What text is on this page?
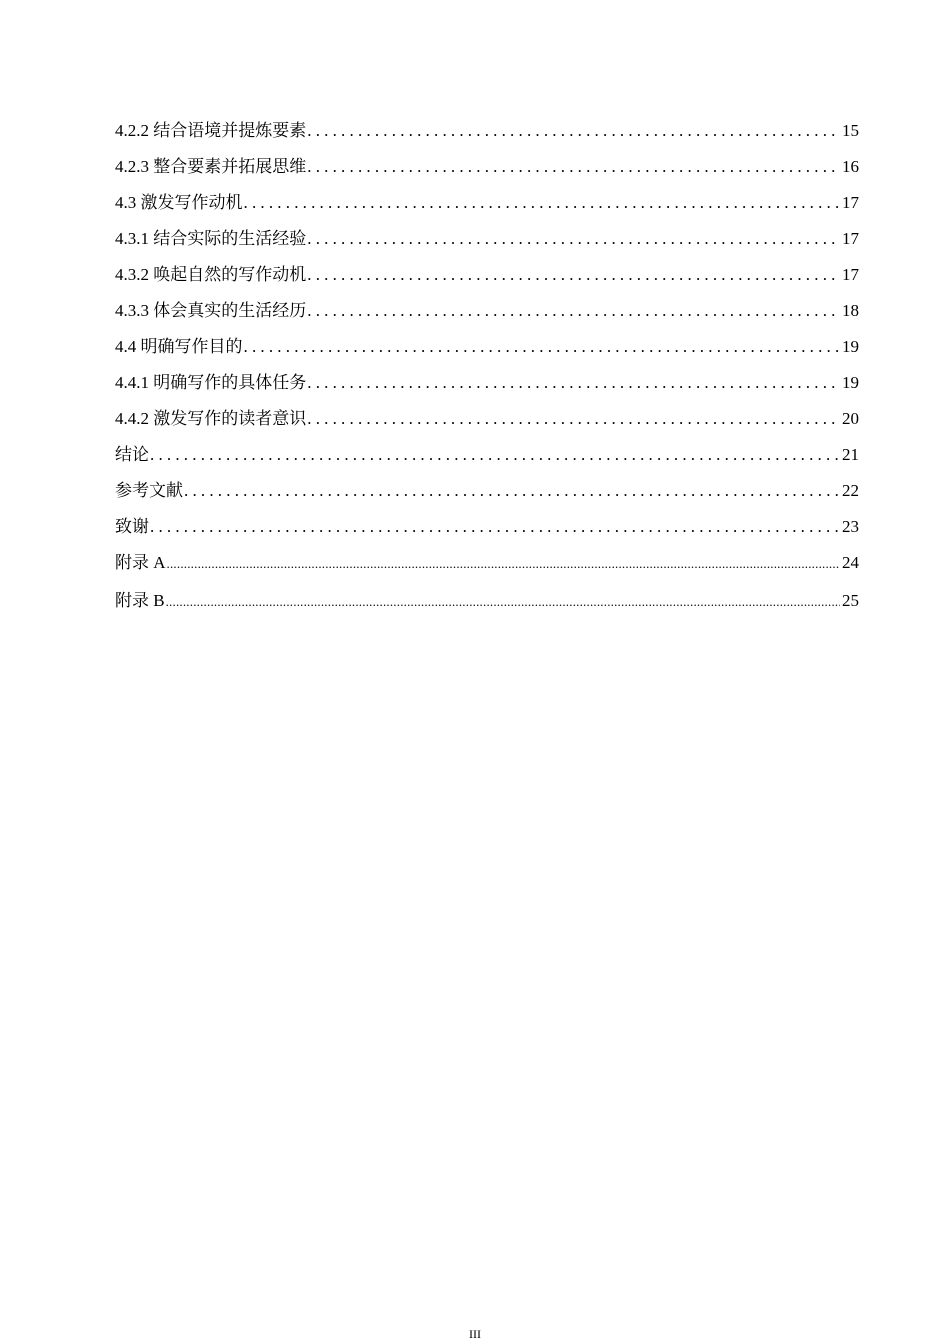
4.2.2 结合语境并提炼要素 .....	15
4.2.3 整合要素并拓展思维 .....	16
4.3 激发写作动机 .....	17
4.3.1 结合实际的生活经验 .....	17
4.3.2 唤起自然的写作动机 .....	17
4.3.3 体会真实的生活经历 .....	18
4.4 明确写作目的 .....	19
4.4.1 明确写作的具体任务 .....	19
4.4.2 激发写作的读者意识 .....	20
结论 .....	21
参考文献 .....	22
致谢 .....	23
附录 A .....	24
附录 B .....	25
III
